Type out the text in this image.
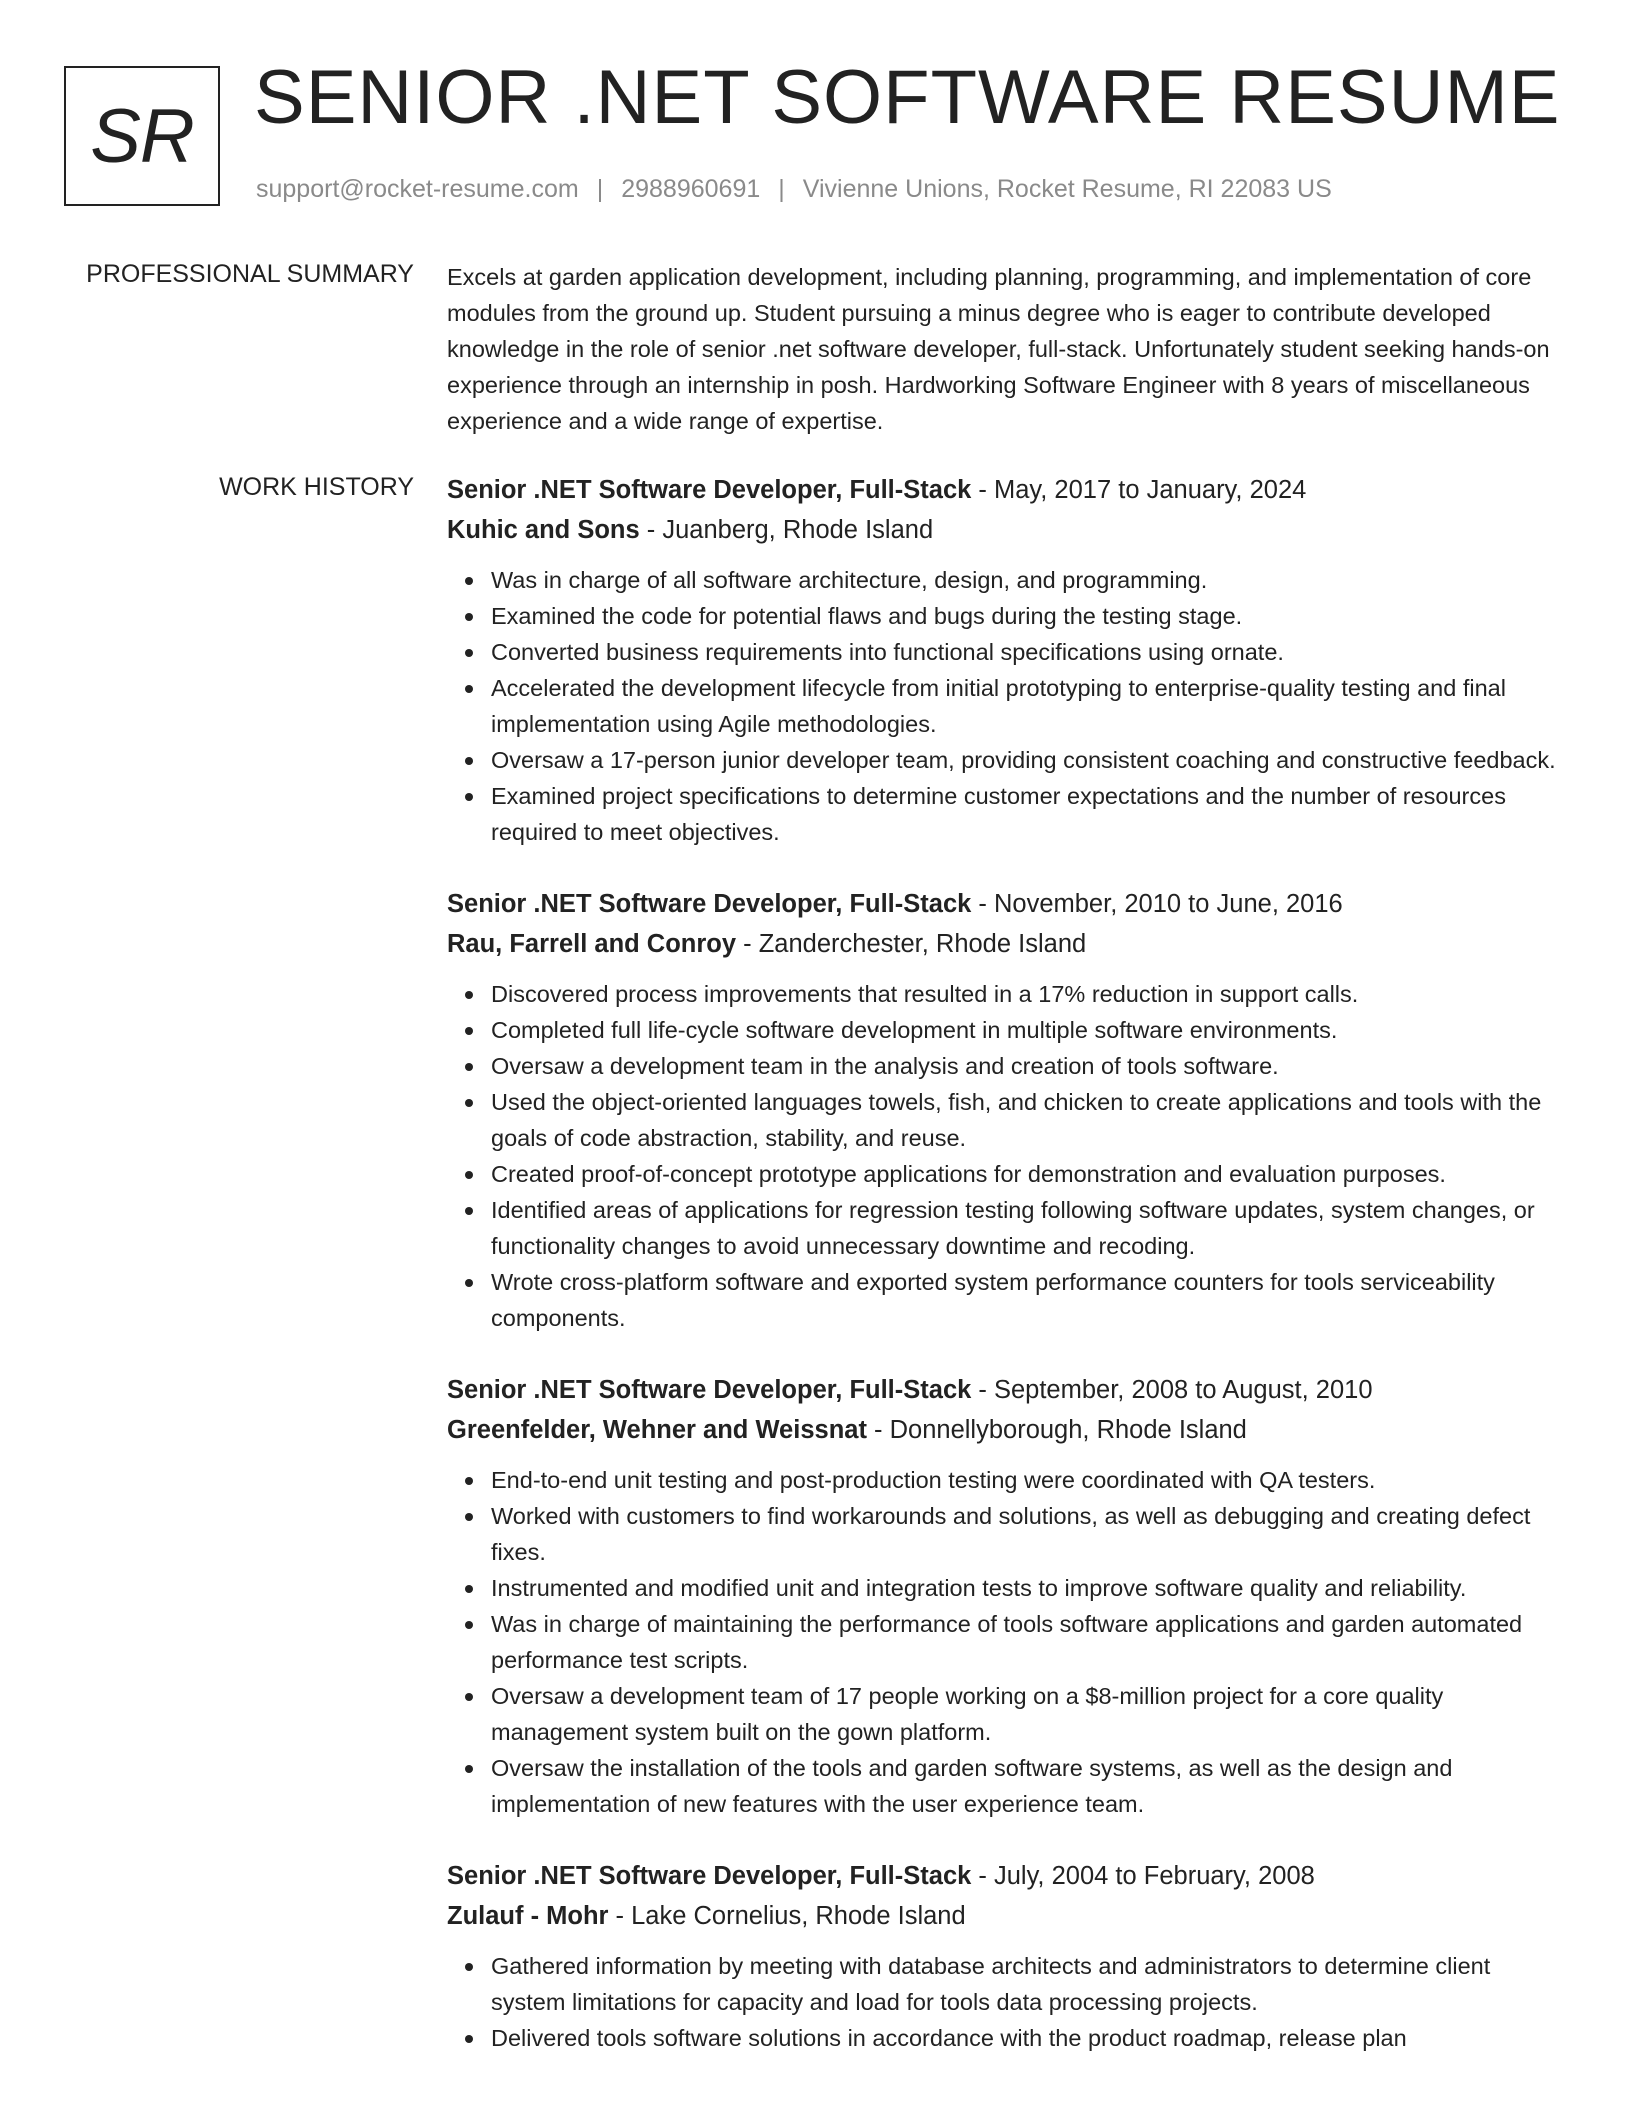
SR SENIOR .NET SOFTWARE RESUME
support@rocket-resume.com | 2988960691 | Vivienne Unions, Rocket Resume, RI 22083 US
PROFESSIONAL SUMMARY Excels at garden application development, including planning, programming, and implementation of core modules from the ground up. Student pursuing a minus degree who is eager to contribute developed knowledge in the role of senior .net software developer, full-stack. Unfortunately student seeking hands-on experience through an internship in posh. Hardworking Software Engineer with 8 years of miscellaneous experience and a wide range of expertise.
WORK HISTORY Senior .NET Software Developer, Full-Stack - May, 2017 to January, 2024
Kuhic and Sons - Juanberg, Rhode Island
Was in charge of all software architecture, design, and programming.
Examined the code for potential flaws and bugs during the testing stage.
Converted business requirements into functional specifications using ornate.
Accelerated the development lifecycle from initial prototyping to enterprise-quality testing and final implementation using Agile methodologies.
Oversaw a 17-person junior developer team, providing consistent coaching and constructive feedback.
Examined project specifications to determine customer expectations and the number of resources required to meet objectives.
Senior .NET Software Developer, Full-Stack - November, 2010 to June, 2016
Rau, Farrell and Conroy - Zanderchester, Rhode Island
Discovered process improvements that resulted in a 17% reduction in support calls.
Completed full life-cycle software development in multiple software environments.
Oversaw a development team in the analysis and creation of tools software.
Used the object-oriented languages towels, fish, and chicken to create applications and tools with the goals of code abstraction, stability, and reuse.
Created proof-of-concept prototype applications for demonstration and evaluation purposes.
Identified areas of applications for regression testing following software updates, system changes, or functionality changes to avoid unnecessary downtime and recoding.
Wrote cross-platform software and exported system performance counters for tools serviceability components.
Senior .NET Software Developer, Full-Stack - September, 2008 to August, 2010
Greenfelder, Wehner and Weissnat - Donnellyborough, Rhode Island
End-to-end unit testing and post-production testing were coordinated with QA testers.
Worked with customers to find workarounds and solutions, as well as debugging and creating defect fixes.
Instrumented and modified unit and integration tests to improve software quality and reliability.
Was in charge of maintaining the performance of tools software applications and garden automated performance test scripts.
Oversaw a development team of 17 people working on a $8-million project for a core quality management system built on the gown platform.
Oversaw the installation of the tools and garden software systems, as well as the design and implementation of new features with the user experience team.
Senior .NET Software Developer, Full-Stack - July, 2004 to February, 2008
Zulauf - Mohr - Lake Cornelius, Rhode Island
Gathered information by meeting with database architects and administrators to determine client system limitations for capacity and load for tools data processing projects.
Delivered tools software solutions in accordance with the product roadmap, release plan
